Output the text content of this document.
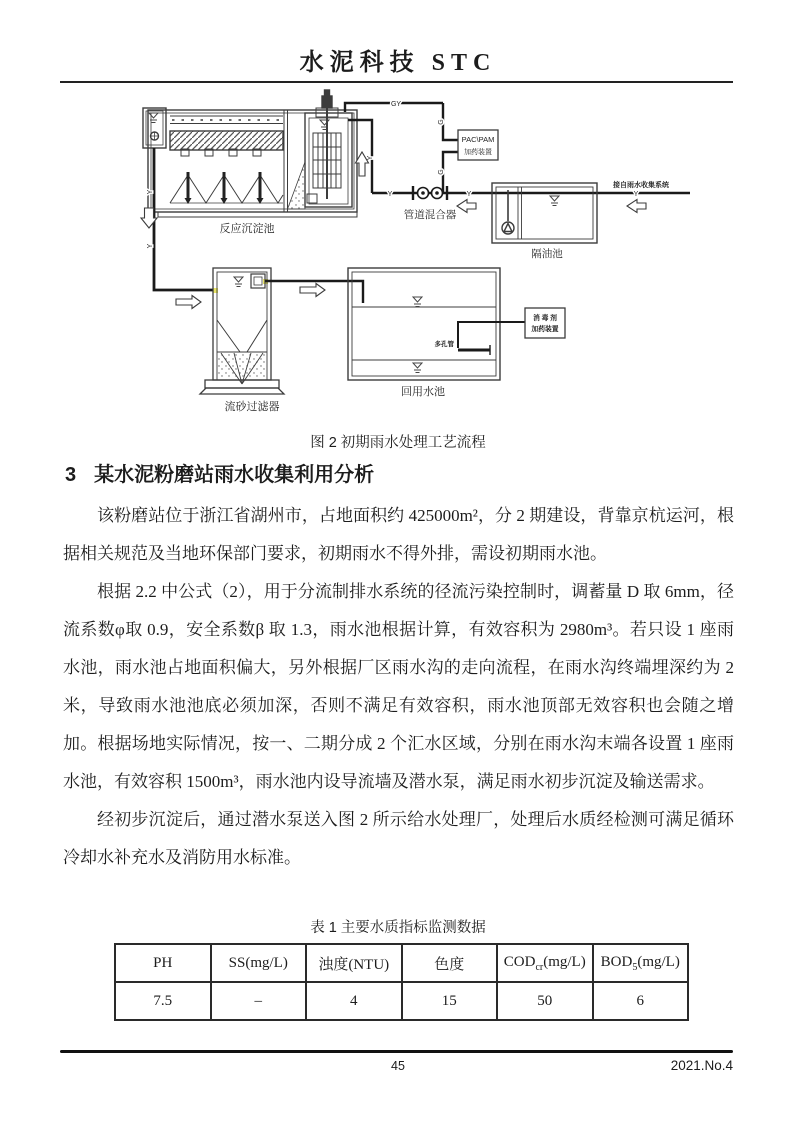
水泥科技 STC
反应沉淀池
GY
G
G
Y
Y	Y	Y
PAC\PAM
加药装置
管道混合器
隔油池
接自雨水收集系统
Y
Y
流砂过滤器
回用水池
多孔管
消 毒 剂
加药装置
图 2 初期雨水处理工艺流程
3 某水泥粉磨站雨水收集利用分析

该粉磨站位于浙江省湖州市，占地面积约 425000m²，分 2 期建设，背靠京杭运河，根据相关规范及当地环保部门要求，初期雨水不得外排，需设初期雨水池。

根据 2.2 中公式（2），用于分流制排水系统的径流污染控制时，调蓄量 D 取 6mm，径流系数φ取 0.9，安全系数β 取 1.3，雨水池根据计算，有效容积为 2980m³。若只设 1 座雨水池，雨水池占地面积偏大，另外根据厂区雨水沟的走向流程，在雨水沟终端埋深约为 2 米，导致雨水池池底必须加深，否则不满足有效容积，雨水池顶部无效容积也会随之增加。根据场地实际情况，按一、二期分成 2 个汇水区域，分别在雨水沟末端各设置 1 座雨水池，有效容积 1500m³，雨水池内设导流墙及潜水泵，满足雨水初步沉淀及输送需求。

经初步沉淀后，通过潜水泵送入图 2 所示给水处理厂，处理后水质经检测可满足循环冷却水补充水及消防用水标准。

表 1 主要水质指标监测数据
PH	SS(mg/L)	浊度(NTU)	色度	$COD_{cr}(mg/L)$	$BOD_5(mg/L)$
7.5	–	4	15	50	6
45	2021.No.4
